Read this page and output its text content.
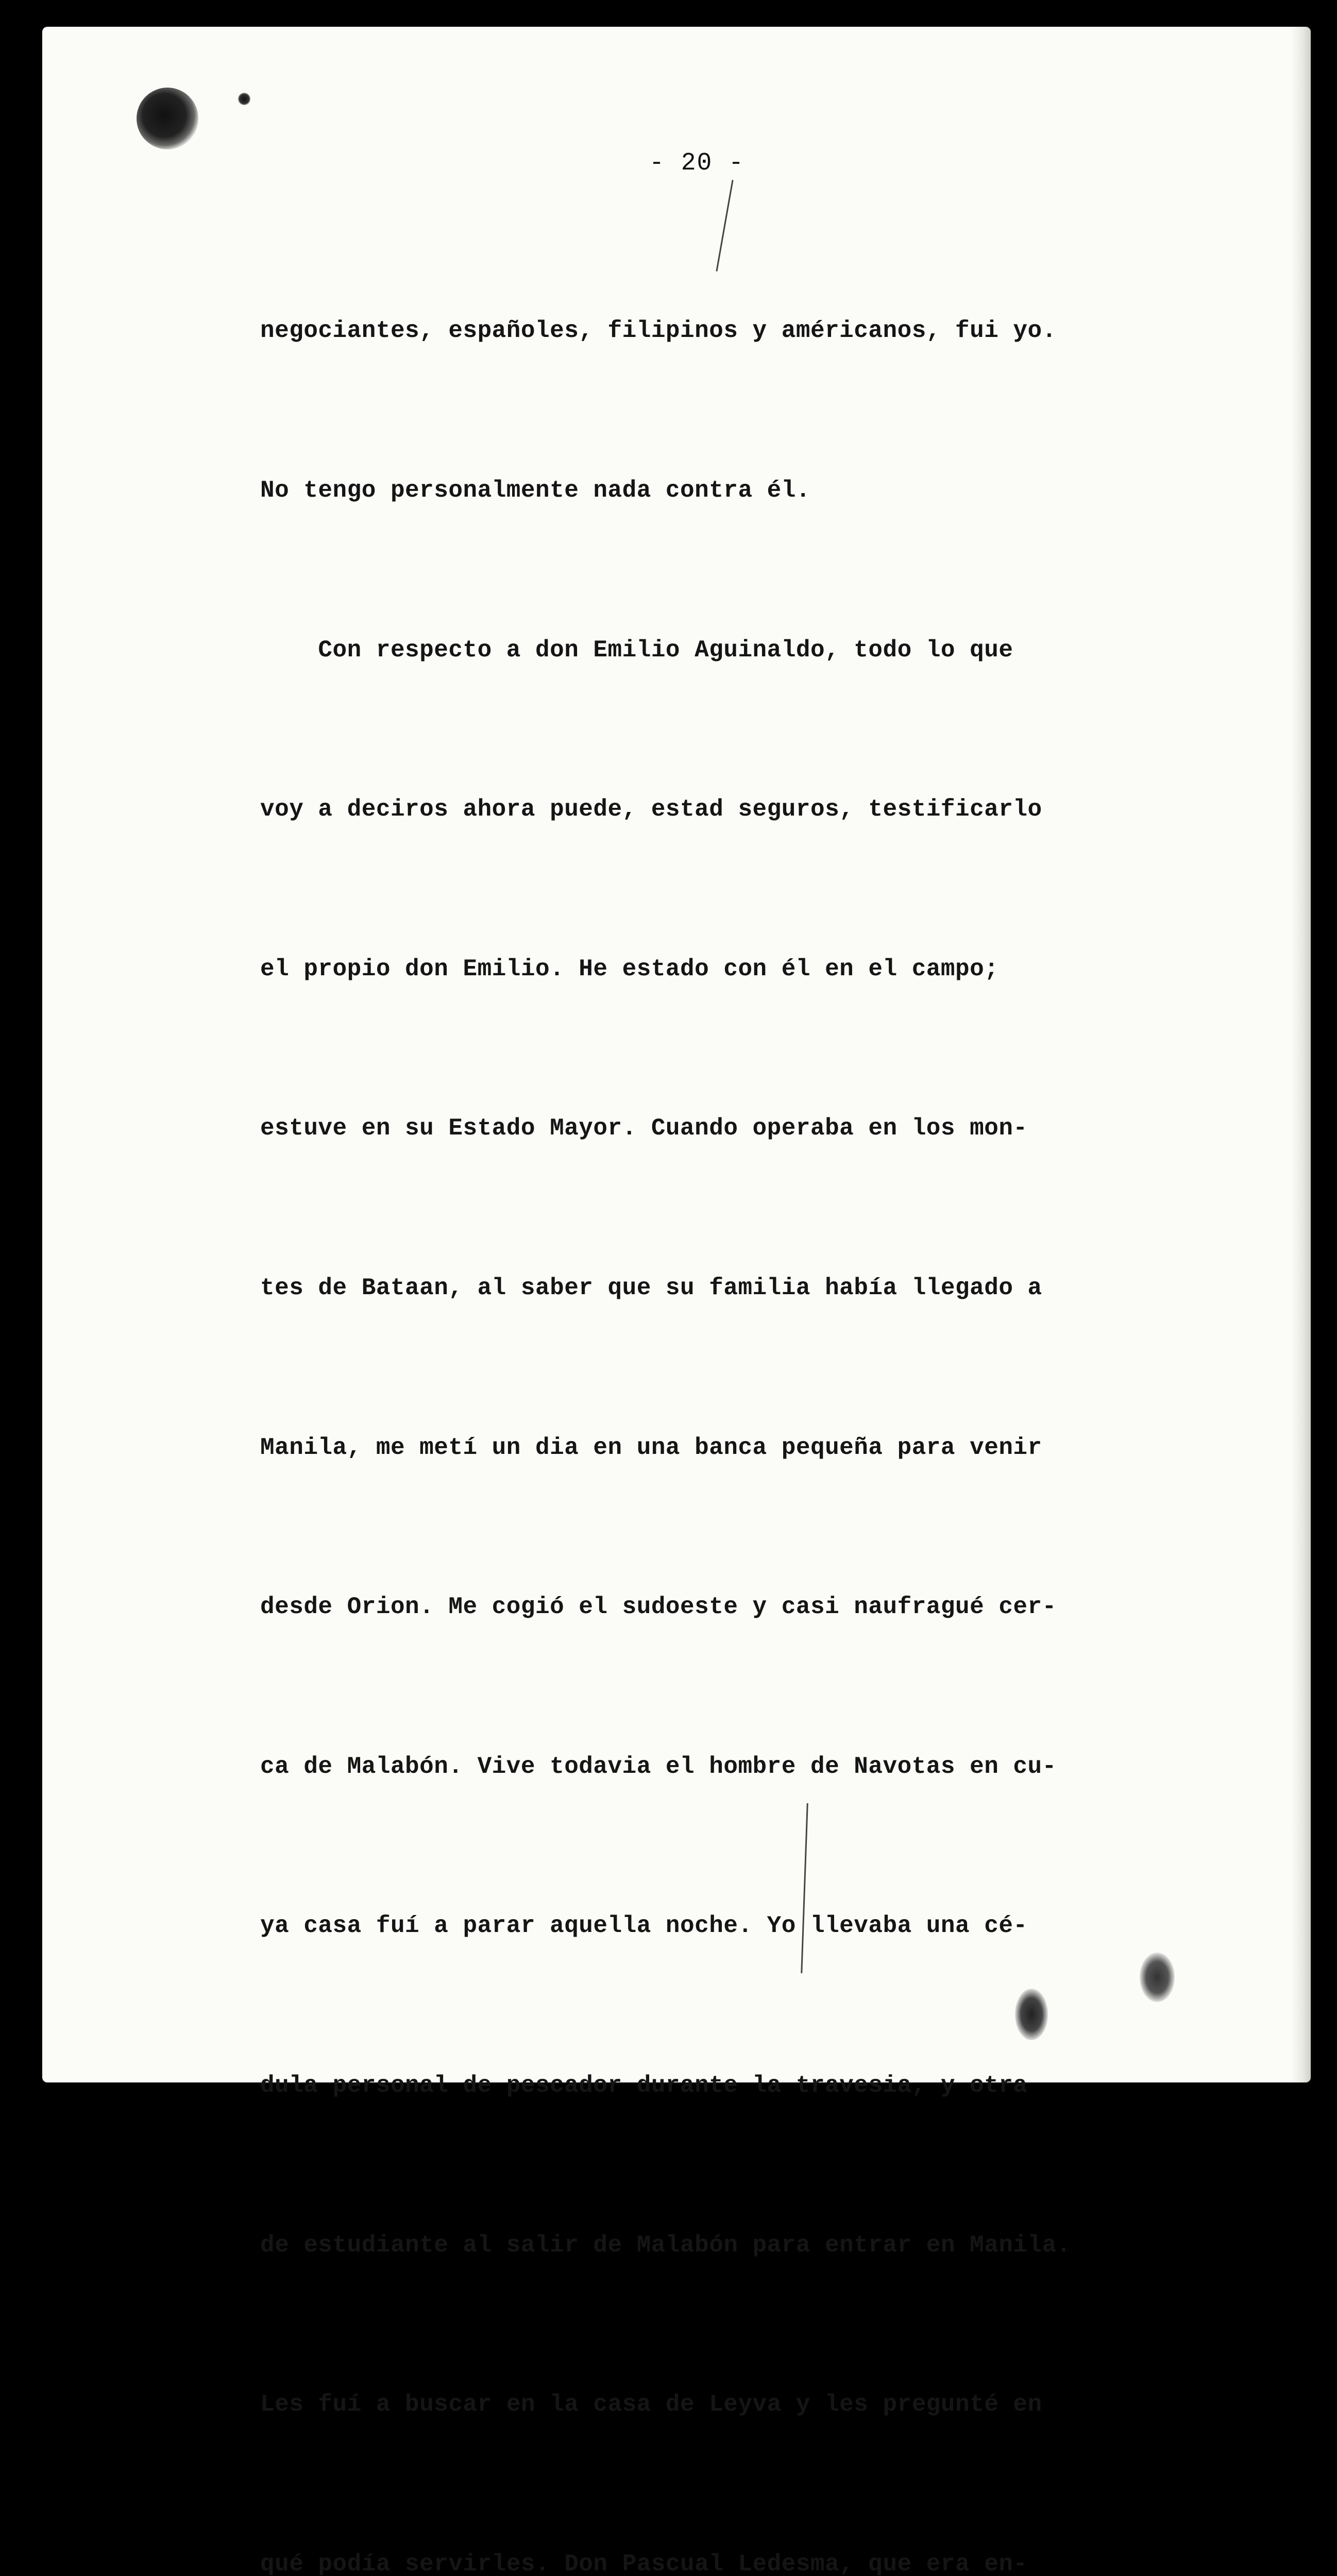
- 20 -

negociantes, españoles, filipinos y américanos, fui yo.

No tengo personalmente nada contra él.

Con respecto a don Emilio Aguinaldo, todo lo que

voy a deciros ahora puede, estad seguros, testificarlo

el propio don Emilio. He estado con él en el campo;

estuve en su Estado Mayor. Cuando operaba en los mon-

tes de Bataan, al saber que su familia había llegado a

Manila, me metí un dia en una banca pequeña para venir

desde Orion. Me cogió el sudoeste y casi naufragué cer-

ca de Malabón. Vive todavia el hombre de Navotas en cu-

ya casa fuí a parar aquella noche. Yo llevaba una cé-

dula personal de pescador durante la travesia, y otra

de estudiante al salir de Malabón para entrar en Manila.

Les fuí a buscar en la casa de Leyva y les pregunté en

qué podía servirles. Don Pascual Ledesma, que era en-
